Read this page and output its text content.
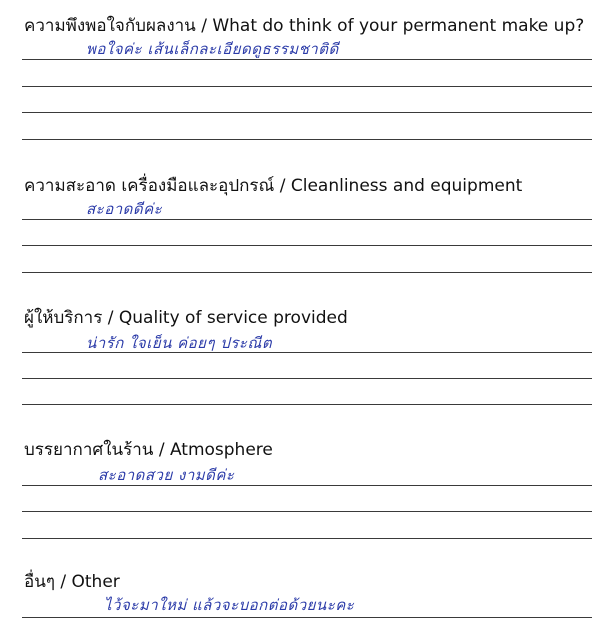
ความพึงพอใจกับผลงาน / What do think of your permanent make up?
พอใจค่ะ เส้นเล็กละเอียดดูธรรมชาติดี
ความสะอาด เครื่องมือและอุปกรณ์ / Cleanliness and equipment
สะอาดดีค่ะ
ผู้ให้บริการ / Quality of service provided
น่ารัก ใจเย็น ค่อยๆ ประณีต
บรรยากาศในร้าน / Atmosphere
สะอาดสวย งามดีค่ะ
อื่นๆ / Other
ไว้จะมาใหม่ แล้วจะบอกต่อด้วยนะคะ
